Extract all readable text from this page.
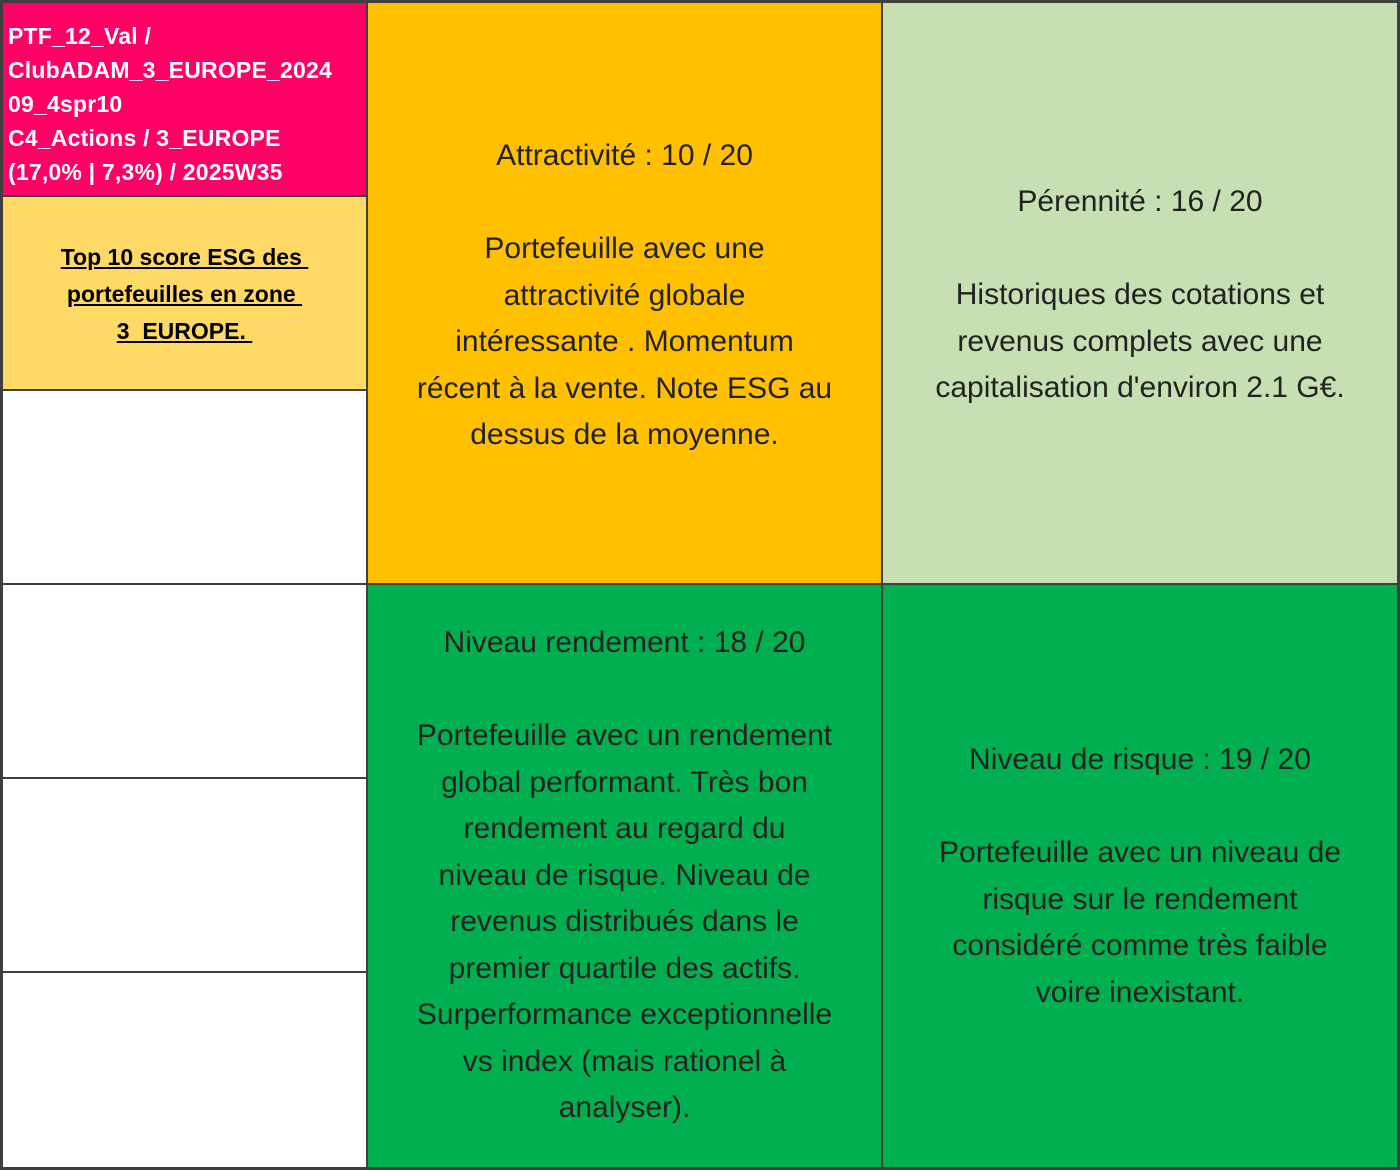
PTF_12_Val /
ClubADAM_3_EUROPE_2024
09_4spr10
C4_Actions / 3_EUROPE
(17,0% | 7,3%) / 2025W35
Top 10 score ESG des
portefeuilles en zone
3_EUROPE.
Attractivité : 10 / 20
Portefeuille avec une
attractivité globale
intéressante . Momentum
récent à la vente. Note ESG au
dessus de la moyenne.
Pérennité : 16 / 20
Historiques des cotations et
revenus complets avec une
capitalisation d'environ 2.1 G€.
Niveau rendement : 18 / 20
Portefeuille avec un rendement
global performant. Très bon
rendement au regard du
niveau de risque. Niveau de
revenus distribués dans le
premier quartile des actifs.
Surperformance exceptionnelle
vs index (mais rationel à
analyser).
Niveau de risque : 19 / 20
Portefeuille avec un niveau de
risque sur le rendement
considéré comme très faible
voire inexistant.
